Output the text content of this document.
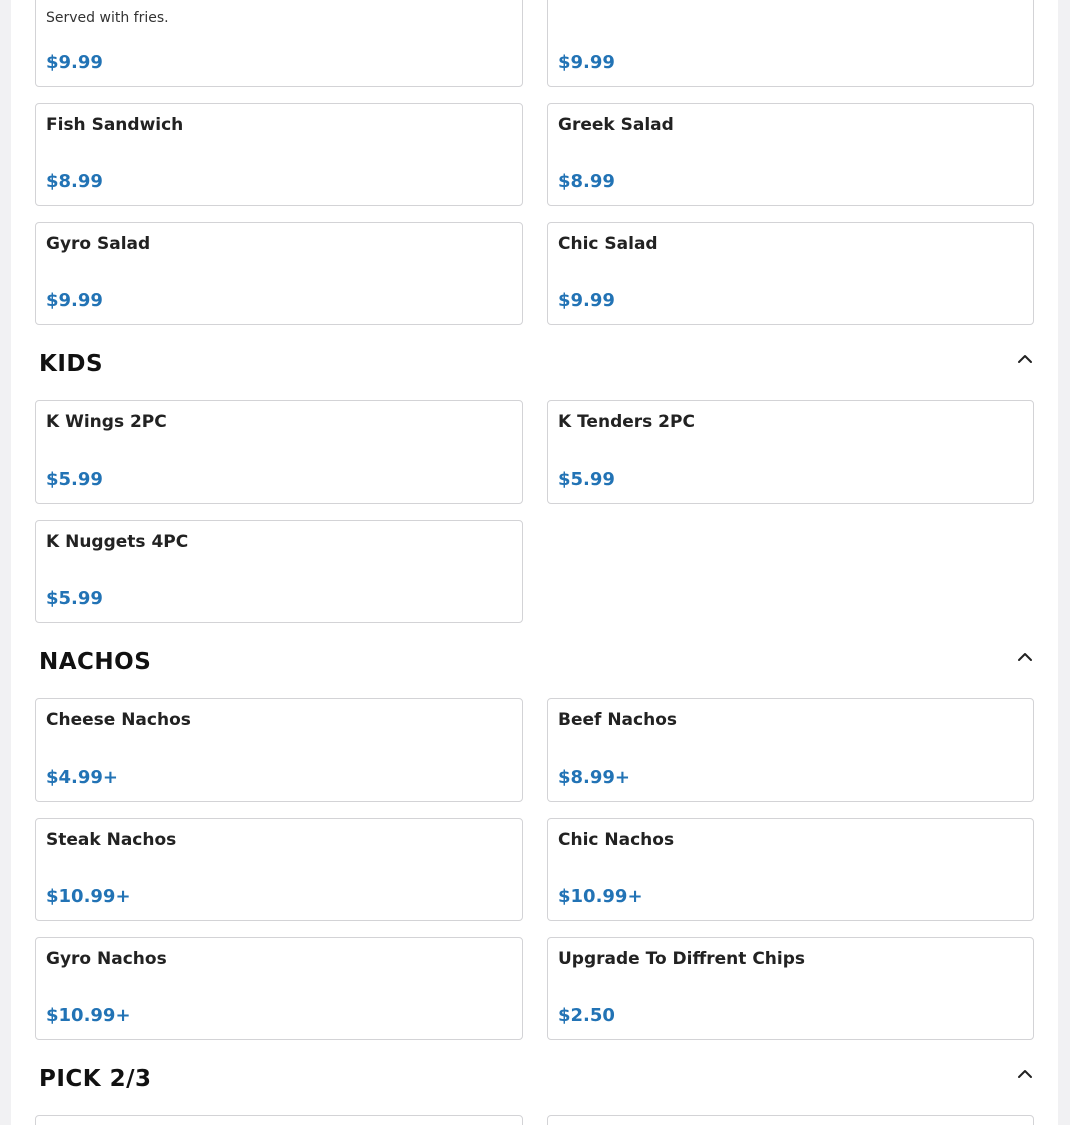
Served with fries.
$9.99	$9.99
Fish Sandwich
$8.99
Greek Salad
$8.99
Gyro Salad
$9.99
Chic Salad
$9.99
KIDS
K Wings 2PC
$5.99
K Tenders 2PC
$5.99
K Nuggets 4PC
$5.99
NACHOS
Cheese Nachos
$4.99+
Beef Nachos
$8.99+
Steak Nachos
$10.99+
Chic Nachos
$10.99+
Gyro Nachos
$10.99+
Upgrade To Diffrent Chips
$2.50
PICK 2/3
